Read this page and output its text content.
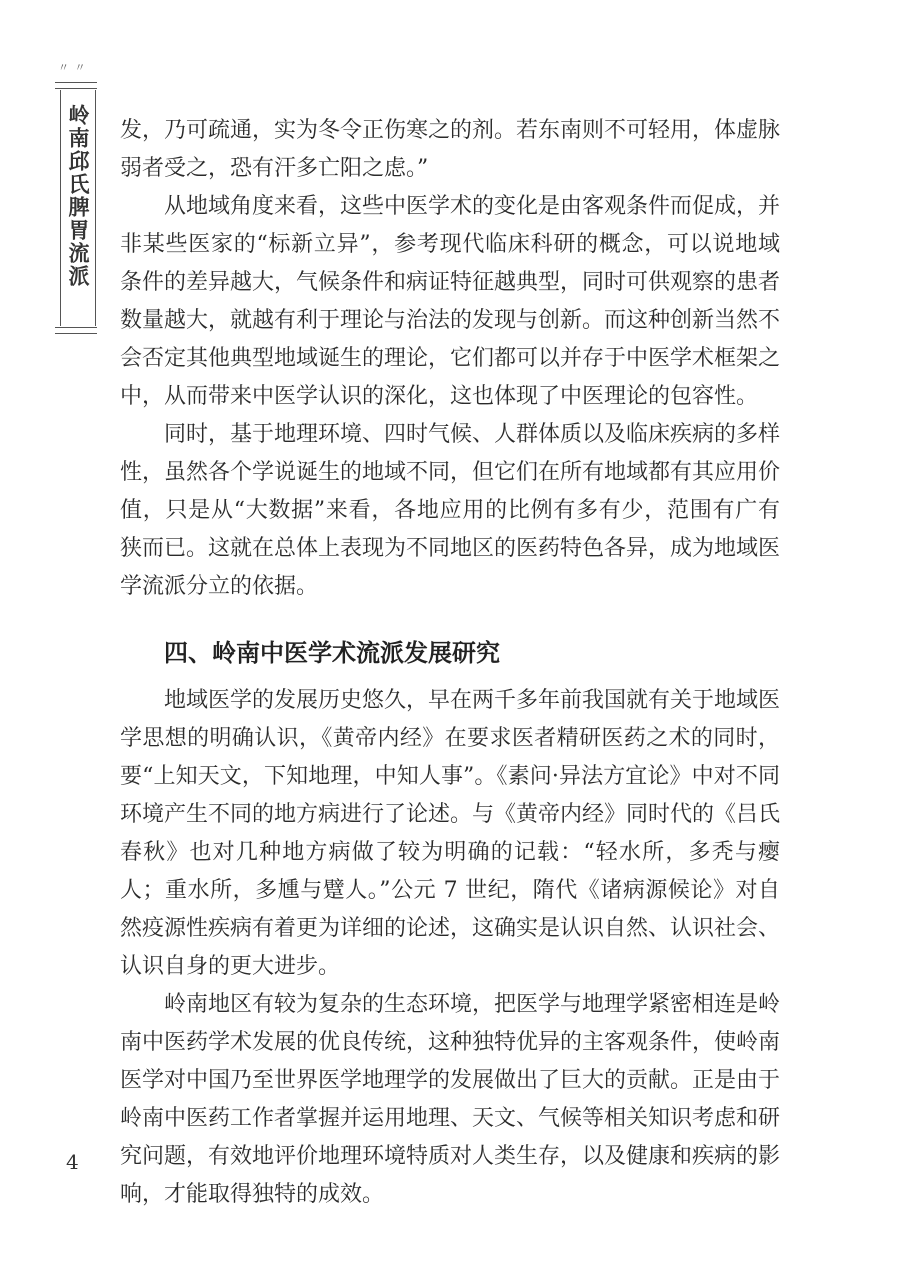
〃 〃
岭南邱氏脾胃流派 发，乃可疏通，实为冬令正伤寒之的剂。若东南则不可轻用，体虚脉弱者受之，恐有汗多亡阳之虑。”

从地域角度来看，这些中医学术的变化是由客观条件而促成，并非某些医家的“标新立异”，参考现代临床科研的概念，可以说地域条件的差异越大，气候条件和病证特征越典型，同时可供观察的患者数量越大，就越有利于理论与治法的发现与创新。而这种创新当然不会否定其他典型地域诞生的理论，它们都可以并存于中医学术框架之中，从而带来中医学认识的深化，这也体现了中医理论的包容性。

同时，基于地理环境、四时气候、人群体质以及临床疾病的多样性，虽然各个学说诞生的地域不同，但它们在所有地域都有其应用价值，只是从“大数据”来看，各地应用的比例有多有少，范围有广有狭而已。这就在总体上表现为不同地区的医药特色各异，成为地域医学流派分立的依据。

四、岭南中医学术流派发展研究

地域医学的发展历史悠久，早在两千多年前我国就有关于地域医学思想的明确认识，《黄帝内经》在要求医者精研医药之术的同时，要“上知天文，下知地理，中知人事”。《素问·异法方宜论》中对不同环境产生不同的地方病进行了论述。与《黄帝内经》同时代的《吕氏春秋》也对几种地方病做了较为明确的记载：“轻水所，多秃与瘿人；重水所，多尰与躄人。”公元 7 世纪，隋代《诸病源候论》对自然疫源性疾病有着更为详细的论述，这确实是认识自然、认识社会、认识自身的更大进步。

岭南地区有较为复杂的生态环境，把医学与地理学紧密相连是岭南中医药学术发展的优良传统，这种独特优异的主客观条件，使岭南医学对中国乃至世界医学地理学的发展做出了巨大的贡献。正是由于岭南中医药工作者掌握并运用地理、天文、气候等相关知识考虑和研究问题，有效地评价地理环境特质对人类生存，以及健康和疾病的影响，才能取得独特的成效。

4
